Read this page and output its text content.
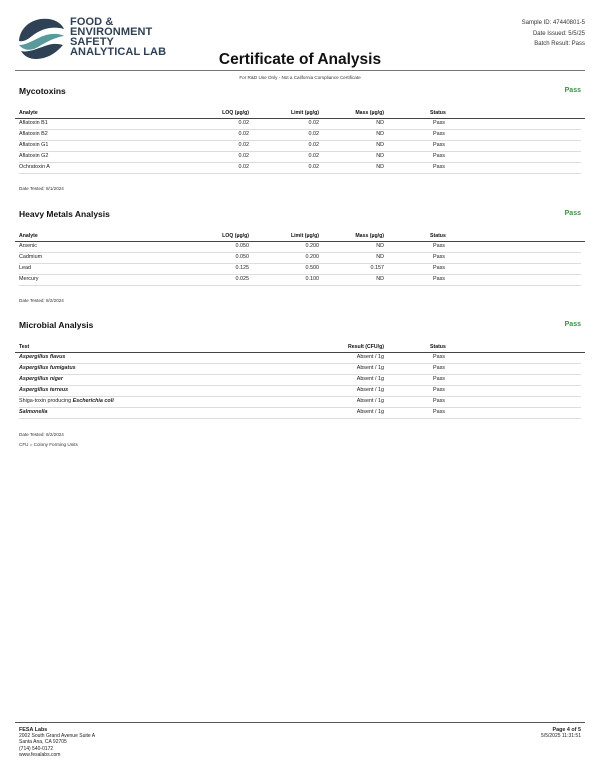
FOOD &
ENVIRONMENT
SAFETY
ANALYTICAL LAB	Certificate of Analysis
Sample ID: 47440801-5
Date Issued: 5/5/25
Batch Result: Pass
For R&D Use Only - Not a California Compliance Certificate
Mycotoxins	Pass
Analyte	LOQ (µg/g)	Limit (µg/g)	Mass (µg/g)	Status
Aflatoxin B1	0.02	0.02	ND	Pass
Aflatoxin B2	0.02	0.02	ND	Pass
Aflatoxin G1	0.02	0.02	ND	Pass
Aflatoxin G2	0.02	0.02	ND	Pass
Ochratoxin A	0.02	0.02	ND	Pass
Date Tested: 8/1/2024
Heavy Metals Analysis	Pass
Analyte	LOQ (µg/g)	Limit (µg/g)	Mass (µg/g)	Status
Arsenic	0.050	0.200	ND	Pass
Cadmium	0.050	0.200	ND	Pass
Lead	0.125	0.500	0.157	Pass
Mercury	0.025	0.100	ND	Pass
Date Tested: 8/2/2024
Microbial Analysis	Pass
Test	Result (CFU/g)	Status
Aspergillus flavus	Absent / 1g	Pass
Aspergillus fumigatus	Absent / 1g	Pass
Aspergillus niger	Absent / 1g	Pass
Aspergillus terreus	Absent / 1g	Pass
Shiga-toxin producing Escherichia coli	Absent / 1g	Pass
Salmonella	Absent / 1g	Pass
Date Tested: 8/2/2024
CFU = Colony Forming Units
FESA Labs
2002 South Grand Avenue Suite A
Santa Ana, CA 92705
(714) 540-0172
www.fesalabs.com
Page 4 of 5
5/5/2025 11:31:51
